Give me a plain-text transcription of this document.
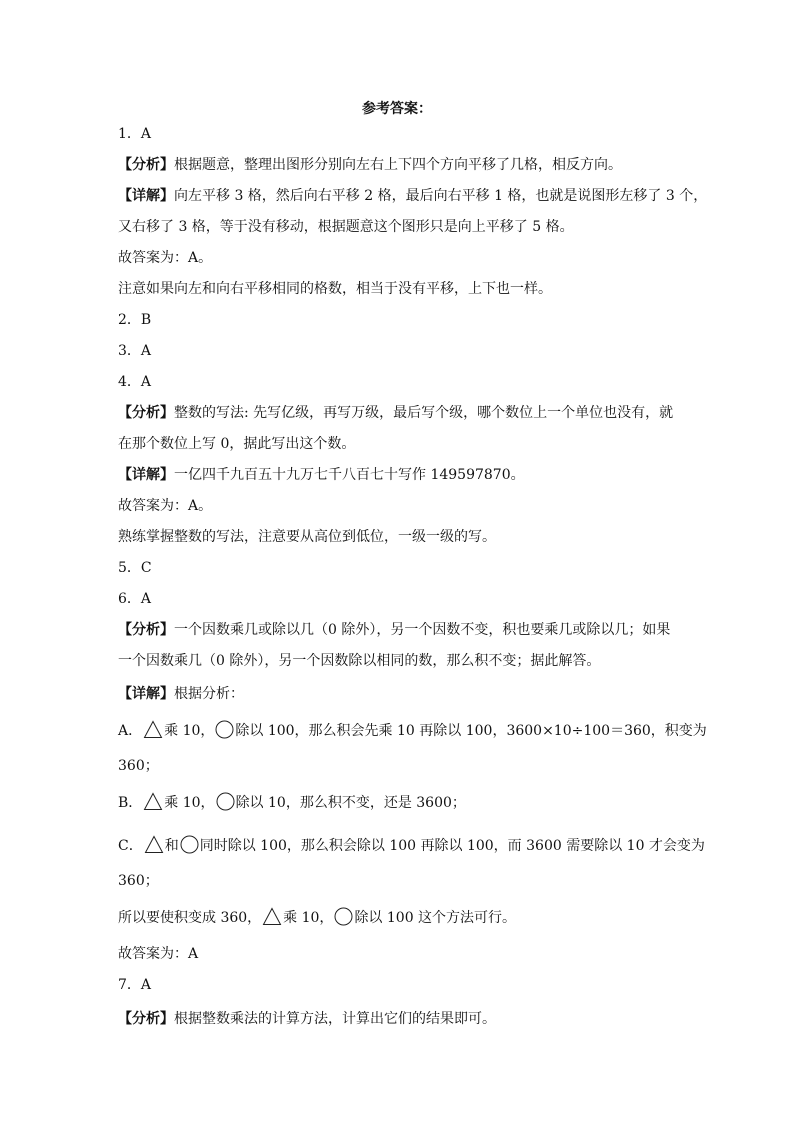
参考答案：
1．A
【分析】根据题意，整理出图形分别向左右上下四个方向平移了几格，相反方向。
【详解】向左平移 3 格，然后向右平移 2 格，最后向右平移 1 格，也就是说图形左移了 3 个，
又右移了 3 格，等于没有移动，根据题意这个图形只是向上平移了 5 格。
故答案为：A。
注意如果向左和向右平移相同的格数，相当于没有平移，上下也一样。
2．B
3．A
4．A
【分析】整数的写法: 先写亿级，再写万级，最后写个级，哪个数位上一个单位也没有，就
在那个数位上写 0，据此写出这个数。
【详解】一亿四千九百五十九万七千八百七十写作 149597870。
故答案为：A。
熟练掌握整数的写法，注意要从高位到低位，一级一级的写。
5．C
6．A
【分析】一个因数乘几或除以几（0 除外），另一个因数不变，积也要乘几或除以几；如果
一个因数乘几（0 除外），另一个因数除以相同的数，那么积不变；据此解答。
【详解】根据分析：
A． 乘 10， 除以 100，那么积会先乘 10 再除以 100，3600×10÷100＝360，积变为
360；
B． 乘 10， 除以 10，那么积不变，还是 3600；
C． 和 同时除以 100，那么积会除以 100 再除以 100，而 3600 需要除以 10 才会变为
360；
所以要使积变成 360， 乘 10， 除以 100 这个方法可行。
故答案为：A
7．A
【分析】根据整数乘法的计算方法，计算出它们的结果即可。
